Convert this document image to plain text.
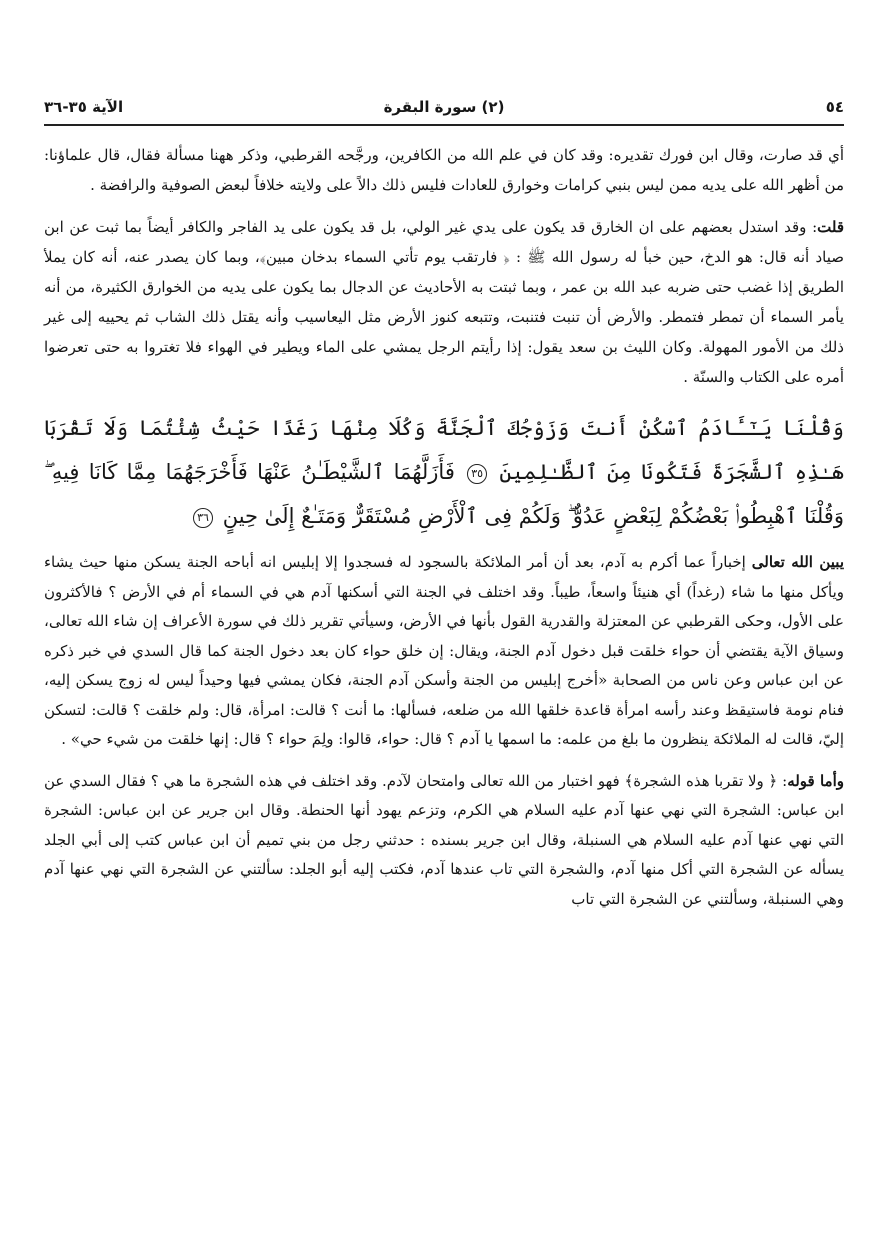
٥٤
(٢) سورة البقرة
الآية ٣٥-٣٦

أي قد صارت، وقال ابن فورك تقديره: وقد كان في علم الله من الكافرين، ورجَّحه القرطبي، وذكر ههنا مسألة فقال، قال علماؤنا: من أظهر الله على يديه ممن ليس بنبي كرامات وخوارق للعادات فليس ذلك دالاً على ولايته خلافاً لبعض الصوفية والرافضة .

قلت: وقد استدل بعضهم على ان الخارق قد يكون على يدي غير الولي، بل قد يكون على يد الفاجر والكافر أيضاً بما ثبت عن ابن صياد أنه قال: هو الدخ، حين خبأ له رسول الله ﷺ : ﴿ فارتقب يوم تأتي السماء بدخان مبين﴾، وبما كان يصدر عنه، أنه كان يملأ الطريق إذا غضب حتى ضربه عبد الله بن عمر ، وبما ثبتت به الأحاديث عن الدجال بما يكون على يديه من الخوارق الكثيرة، من أنه يأمر السماء أن تمطر فتمطر. والأرض أن تنبت فتنبت، وتتبعه كنوز الأرض مثل اليعاسيب وأنه يقتل ذلك الشاب ثم يحييه إلى غير ذلك من الأمور المهولة. وكان الليث بن سعد يقول: إذا رأيتم الرجل يمشي على الماء ويطير في الهواء فلا تغتروا به حتى تعرضوا أمره على الكتاب والسنّة .

وَقُلْنَا يَـٰٓـَٔادَمُ ٱسْكُنْ أَنتَ وَزَوْجُكَ ٱلْجَنَّةَ وَكُلَا مِنْهَا رَغَدًا حَيْثُ شِئْتُمَا وَلَا تَقْرَبَا هَـٰذِهِ ٱلشَّجَرَةَ فَتَكُونَا مِنَ ٱلظَّـٰلِمِينَ ٣٥ فَأَزَلَّهُمَا ٱلشَّيْطَـٰنُ عَنْهَا فَأَخْرَجَهُمَا مِمَّا كَانَا فِيهِ ۖ وَقُلْنَا ٱهْبِطُوا۟ بَعْضُكُمْ لِبَعْضٍ عَدُوٌّ ۖ وَلَكُمْ فِى ٱلْأَرْضِ مُسْتَقَرٌّ وَمَتَـٰعٌ إِلَىٰ حِينٍ ٣٦

يبين الله تعالى إخباراً عما أكرم به آدم، بعد أن أمر الملائكة بالسجود له فسجدوا إلا إبليس انه أباحه الجنة يسكن منها حيث يشاء ويأكل منها ما شاء (رغداً) أي هنيئاً واسعاً، طيباً. وقد اختلف في الجنة التي أسكنها آدم هي في السماء أم في الأرض ؟ فالأكثرون على الأول، وحكى القرطبي عن المعتزلة والقدرية القول بأنها في الأرض، وسيأتي تقرير ذلك في سورة الأعراف إن شاء الله تعالى، وسياق الآية يقتضي أن حواء خلقت قبل دخول آدم الجنة، ويقال: إن خلق حواء كان بعد دخول الجنة كما قال السدي في خبر ذكره عن ابن عباس وعن ناس من الصحابة «أخرج إبليس من الجنة وأسكن آدم الجنة، فكان يمشي فيها وحيداً ليس له زوج يسكن إليه، فنام نومة فاستيقظ وعند رأسه امرأة قاعدة خلقها الله من ضلعه، فسألها: ما أنت ؟ قالت: امرأة، قال: ولم خلقت ؟ قالت: لتسكن إليّ، قالت له الملائكة ينظرون ما بلغ من علمه: ما اسمها يا آدم ؟ قال: حواء، قالوا: ولِمَ حواء ؟ قال: إنها خلقت من شيء حي» .

وأما قوله: ﴿ ولا تقربا هذه الشجرة﴾ فهو اختبار من الله تعالى وامتحان لآدم. وقد اختلف في هذه الشجرة ما هي ؟ فقال السدي عن ابن عباس: الشجرة التي نهي عنها آدم عليه السلام هي الكرم، وتزعم يهود أنها الحنطة. وقال ابن جرير عن ابن عباس: الشجرة التي نهي عنها آدم عليه السلام هي السنبلة، وقال ابن جرير بسنده : حدثني رجل من بني تميم أن ابن عباس كتب إلى أبي الجلد يسأله عن الشجرة التي أكل منها آدم، والشجرة التي تاب عندها آدم، فكتب إليه أبو الجلد: سألتني عن الشجرة التي نهي عنها آدم وهي السنبلة، وسألتني عن الشجرة التي تاب
